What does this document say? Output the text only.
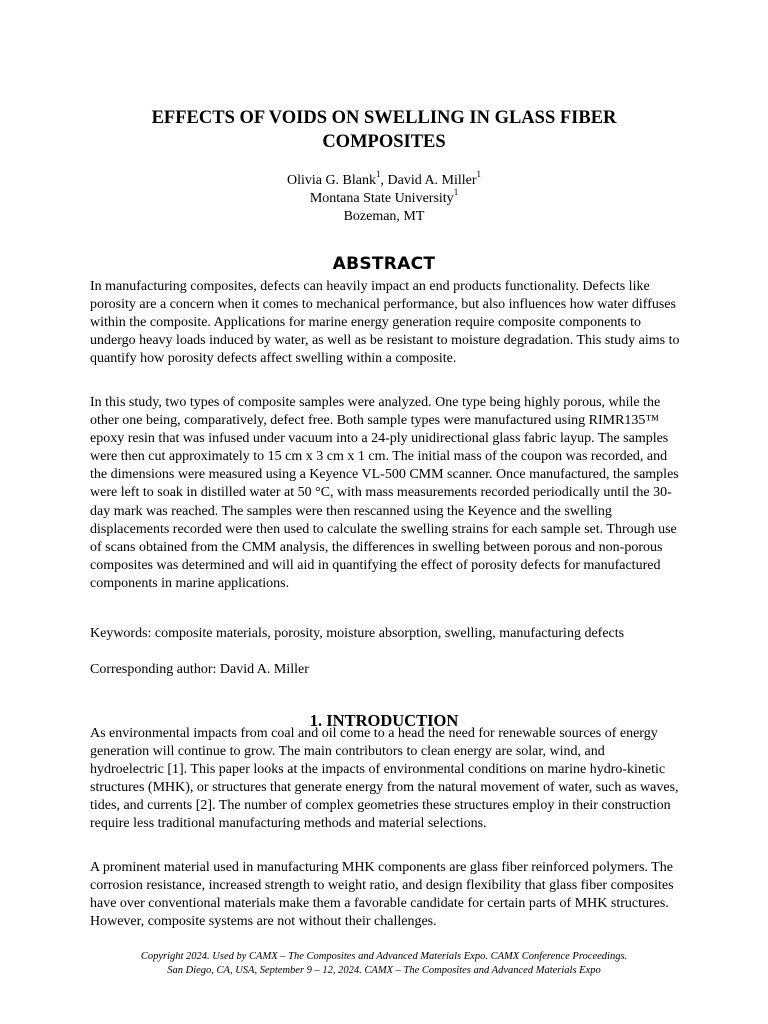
EFFECTS OF VOIDS ON SWELLING IN GLASS FIBER
COMPOSITES
Olivia G. Blank$^1$, David A. Miller$^1$
Montana State University$^1$
Bozeman, MT
ABSTRACT

In manufacturing composites, defects can heavily impact an end products functionality. Defects like porosity are a concern when it comes to mechanical performance, but also influences how water diffuses within the composite. Applications for marine energy generation require composite components to undergo heavy loads induced by water, as well as be resistant to moisture degradation. This study aims to quantify how porosity defects affect swelling within a composite.

In this study, two types of composite samples were analyzed. One type being highly porous, while the other one being, comparatively, defect free. Both sample types were manufactured using RIMR135™ epoxy resin that was infused under vacuum into a 24-ply unidirectional glass fabric layup. The samples were then cut approximately to 15 cm x 3 cm x 1 cm. The initial mass of the coupon was recorded, and the dimensions were measured using a Keyence VL-500 CMM scanner. Once manufactured, the samples were left to soak in distilled water at 50 °C, with mass measurements recorded periodically until the 30-day mark was reached. The samples were then rescanned using the Keyence and the swelling displacements recorded were then used to calculate the swelling strains for each sample set. Through use of scans obtained from the CMM analysis, the differences in swelling between porous and non-porous composites was determined and will aid in quantifying the effect of porosity defects for manufactured components in marine applications.

Keywords: composite materials, porosity, moisture absorption, swelling, manufacturing defects

Corresponding author: David A. Miller

1. INTRODUCTION

As environmental impacts from coal and oil come to a head the need for renewable sources of energy generation will continue to grow. The main contributors to clean energy are solar, wind, and hydroelectric [1]. This paper looks at the impacts of environmental conditions on marine hydro-kinetic structures (MHK), or structures that generate energy from the natural movement of water, such as waves, tides, and currents [2]. The number of complex geometries these structures employ in their construction require less traditional manufacturing methods and material selections.

A prominent material used in manufacturing MHK components are glass fiber reinforced polymers. The corrosion resistance, increased strength to weight ratio, and design flexibility that glass fiber composites have over conventional materials make them a favorable candidate for certain parts of MHK structures. However, composite systems are not without their challenges.

Copyright 2024. Used by CAMX – The Composites and Advanced Materials Expo. CAMX Conference Proceedings.
San Diego, CA, USA, September 9 – 12, 2024. CAMX – The Composites and Advanced Materials Expo
